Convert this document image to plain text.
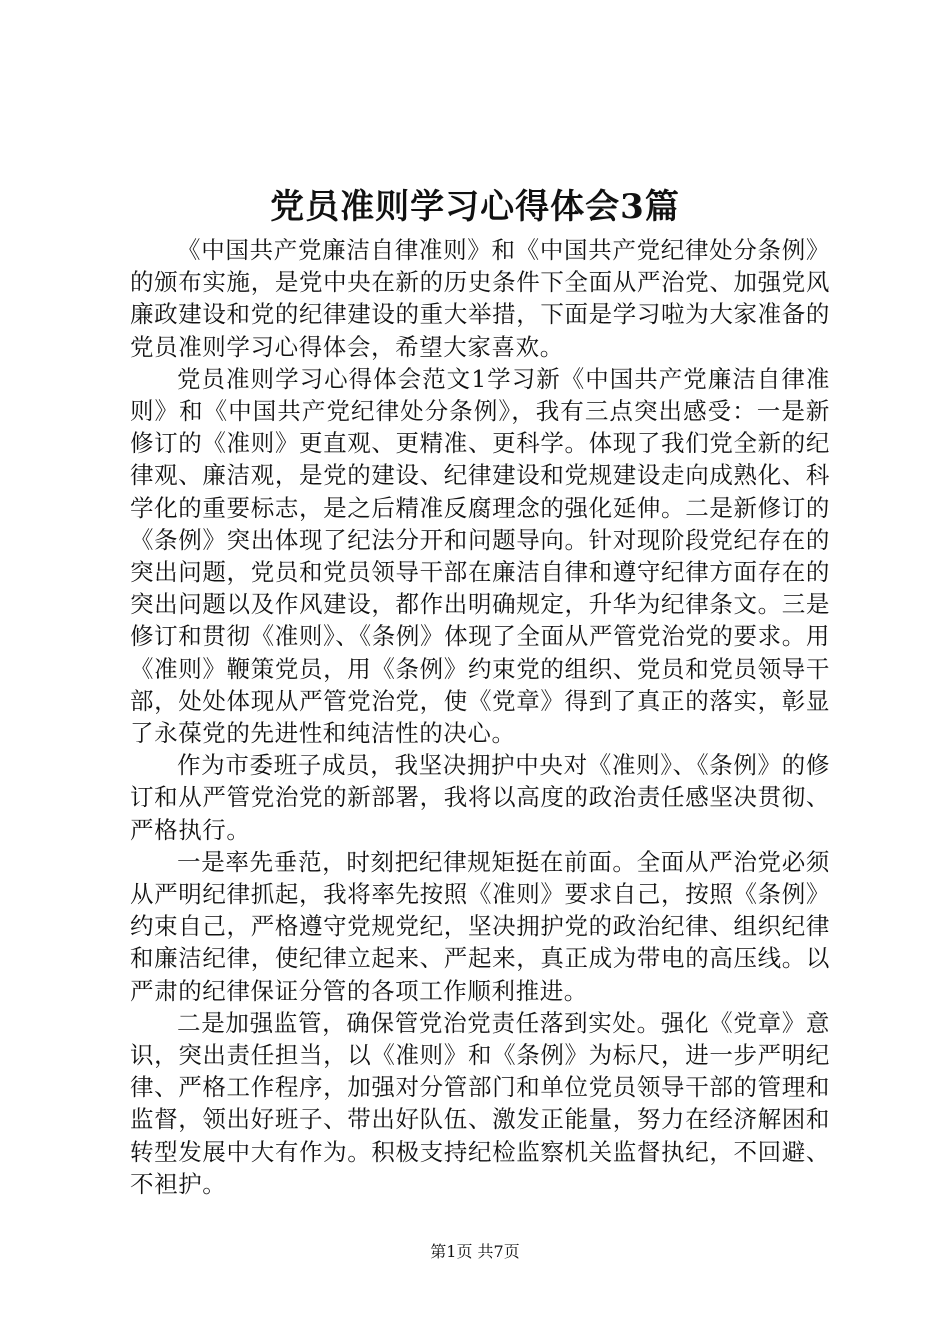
党员准则学习心得体会3篇

《中国共产党廉洁自律准则》和《中国共产党纪律处分条例》的颁布实施，是党中央在新的历史条件下全面从严治党、加强党风廉政建设和党的纪律建设的重大举措，下面是学习啦为大家准备的党员准则学习心得体会，希望大家喜欢。

党员准则学习心得体会范文1学习新《中国共产党廉洁自律准则》和《中国共产党纪律处分条例》，我有三点突出感受：一是新修订的《准则》更直观、更精准、更科学。体现了我们党全新的纪律观、廉洁观，是党的建设、纪律建设和党规建设走向成熟化、科学化的重要标志，是之后精准反腐理念的强化延伸。二是新修订的《条例》突出体现了纪法分开和问题导向。针对现阶段党纪存在的突出问题，党员和党员领导干部在廉洁自律和遵守纪律方面存在的突出问题以及作风建设，都作出明确规定，升华为纪律条文。三是修订和贯彻《准则》、《条例》体现了全面从严管党治党的要求。用《准则》鞭策党员，用《条例》约束党的组织、党员和党员领导干部，处处体现从严管党治党，使《党章》得到了真正的落实，彰显了永葆党的先进性和纯洁性的决心。

作为市委班子成员，我坚决拥护中央对《准则》、《条例》的修订和从严管党治党的新部署，我将以高度的政治责任感坚决贯彻、严格执行。

一是率先垂范，时刻把纪律规矩挺在前面。全面从严治党必须从严明纪律抓起，我将率先按照《准则》要求自己，按照《条例》约束自己，严格遵守党规党纪，坚决拥护党的政治纪律、组织纪律和廉洁纪律，使纪律立起来、严起来，真正成为带电的高压线。以严肃的纪律保证分管的各项工作顺利推进。

二是加强监管，确保管党治党责任落到实处。强化《党章》意识，突出责任担当，以《准则》和《条例》为标尺，进一步严明纪律、严格工作程序，加强对分管部门和单位党员领导干部的管理和监督，领出好班子、带出好队伍、激发正能量，努力在经济解困和转型发展中大有作为。积极支持纪检监察机关监督执纪，不回避、不袒护。

第1页 共7页
